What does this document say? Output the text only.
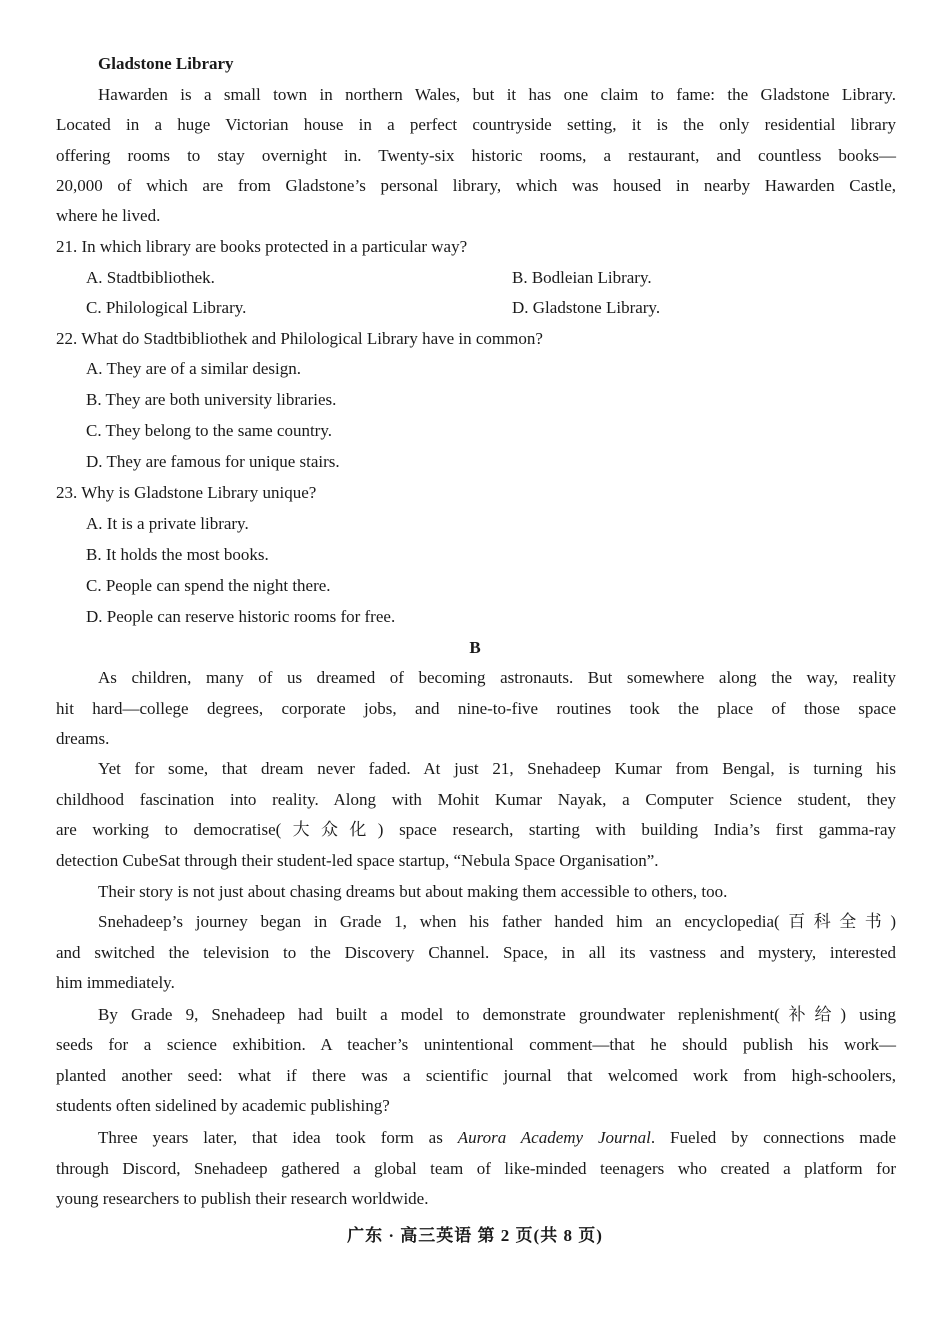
Gladstone Library
Hawarden is a small town in northern Wales, but it has one claim to fame: the Gladstone Library.
Located in a huge Victorian house in a perfect countryside setting, it is the only residential library
offering rooms to stay overnight in. Twenty-six historic rooms, a restaurant, and countless books—
20,000 of which are from Gladstone’s personal library, which was housed in nearby Hawarden Castle,
where he lived.
21. In which library are books protected in a particular way?
A. Stadtbibliothek.	B. Bodleian Library.
C. Philological Library.	D. Gladstone Library.
22. What do Stadtbibliothek and Philological Library have in common?
A. They are of a similar design.
B. They are both university libraries.
C. They belong to the same country.
D. They are famous for unique stairs.
23. Why is Gladstone Library unique?
A. It is a private library.
B. It holds the most books.
C. People can spend the night there.
D. People can reserve historic rooms for free.
B
As children, many of us dreamed of becoming astronauts. But somewhere along the way, reality
hit hard—college degrees, corporate jobs, and nine-to-five routines took the place of those space
dreams.
Yet for some, that dream never faded. At just 21, Snehadeep Kumar from Bengal, is turning his
childhood fascination into reality. Along with Mohit Kumar Nayak, a Computer Science student, they
are working to democratise(大众化) space research, starting with building India’s first gamma-ray
detection CubeSat through their student-led space startup, “Nebula Space Organisation”.
Their story is not just about chasing dreams but about making them accessible to others, too.
Snehadeep’s journey began in Grade 1, when his father handed him an encyclopedia(百科全书)
and switched the television to the Discovery Channel. Space, in all its vastness and mystery, interested
him immediately.
By Grade 9, Snehadeep had built a model to demonstrate groundwater replenishment(补给) using
seeds for a science exhibition. A teacher’s unintentional comment—that he should publish his work—
planted another seed: what if there was a scientific journal that welcomed work from high-schoolers,
students often sidelined by academic publishing?
Three years later, that idea took form as Aurora Academy Journal. Fueled by connections made
through Discord, Snehadeep gathered a global team of like-minded teenagers who created a platform for
young researchers to publish their research worldwide.
广东 · 高三英语 第 2 页(共 8 页)
